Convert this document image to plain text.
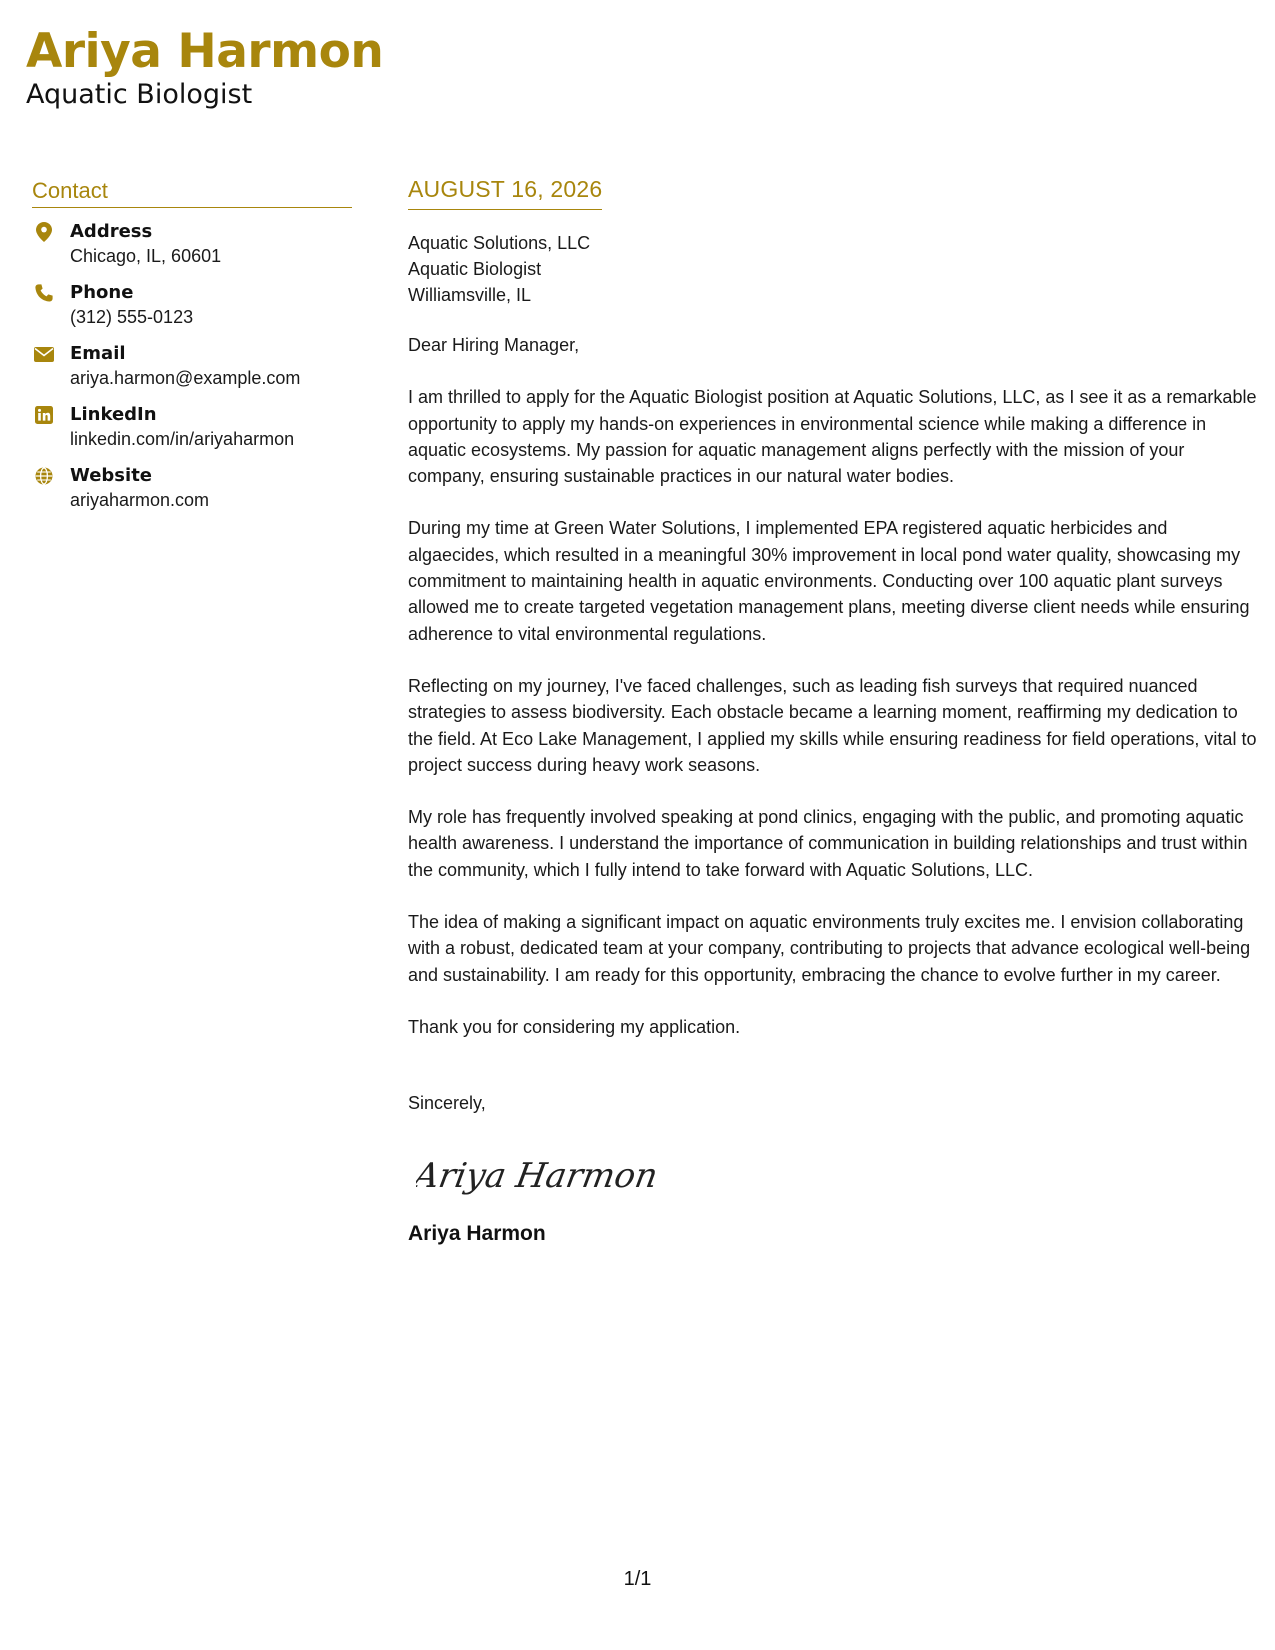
Ariya Harmon
Aquatic Biologist
Contact
Address
Chicago, IL, 60601
Phone
(312) 555-0123
Email
ariya.harmon@example.com
LinkedIn
linkedin.com/in/ariyaharmon
Website
ariyaharmon.com
AUGUST 16, 2026
Aquatic Solutions, LLC
Aquatic Biologist
Williamsville, IL

Dear Hiring Manager,

I am thrilled to apply for the Aquatic Biologist position at Aquatic Solutions, LLC, as I see it as a remarkable opportunity to apply my hands-on experiences in environmental science while making a difference in aquatic ecosystems. My passion for aquatic management aligns perfectly with the mission of your company, ensuring sustainable practices in our natural water bodies.

During my time at Green Water Solutions, I implemented EPA registered aquatic herbicides and algaecides, which resulted in a meaningful 30% improvement in local pond water quality, showcasing my commitment to maintaining health in aquatic environments. Conducting over 100 aquatic plant surveys allowed me to create targeted vegetation management plans, meeting diverse client needs while ensuring adherence to vital environmental regulations.

Reflecting on my journey, I've faced challenges, such as leading fish surveys that required nuanced strategies to assess biodiversity. Each obstacle became a learning moment, reaffirming my dedication to the field. At Eco Lake Management, I applied my skills while ensuring readiness for field operations, vital to project success during heavy work seasons.

My role has frequently involved speaking at pond clinics, engaging with the public, and promoting aquatic health awareness. I understand the importance of communication in building relationships and trust within the community, which I fully intend to take forward with Aquatic Solutions, LLC.

The idea of making a significant impact on aquatic environments truly excites me. I envision collaborating with a robust, dedicated team at your company, contributing to projects that advance ecological well-being and sustainability. I am ready for this opportunity, embracing the chance to evolve further in my career.

Thank you for considering my application.

Sincerely,

Ariya Harmon
Ariya Harmon
1/1
